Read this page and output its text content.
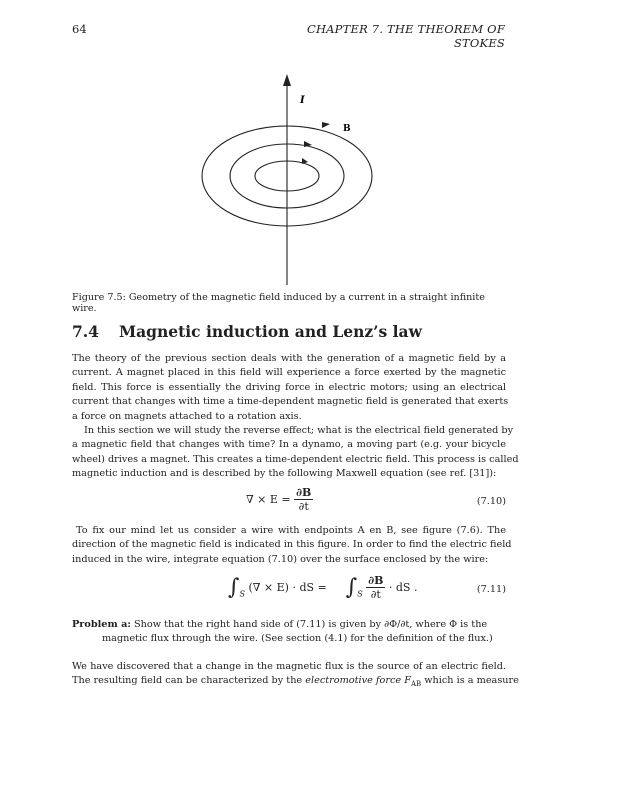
64	CHAPTER 7. THE THEOREM OF STOKES
I
B
Figure 7.5: Geometry of the magnetic field induced by a current in a straight infinite wire.
7.4 Magnetic induction and Lenz’s law
The theory of the previous section deals with the generation of a magnetic field by a
current. A magnet placed in this field will experience a force exerted by the magnetic
field. This force is essentially the driving force in electric motors; using an electrical
current that changes with time a time-dependent magnetic field is generated that exerts
a force on magnets attached to a rotation axis.
In this section we will study the reverse effect; what is the electrical field generated by
a magnetic field that changes with time? In a dynamo, a moving part (e.g. your bicycle
wheel) drives a magnet. This creates a time-dependent electric field. This process is called
magnetic induction and is described by the following Maxwell equation (see ref. [31]):
∇ × $E = \frac{\partial B}{\partial t}$	(7.10)
To fix our mind let us consider a wire with endpoints A en B, see figure (7.6). The
direction of the magnetic field is indicated in this figure. In order to find the electric field
induced in the wire, integrate equation (7.10) over the surface enclosed by the wire:
$\int_S$ (∇ × E) · dS = $\int_S \frac{\partial B}{\partial t}$ · dS .	(7.11)
Problem a: Show that the right hand side of (7.11) is given by ∂Φ/∂t, where Φ is the
magnetic flux through the wire. (See section (4.1) for the definition of the flux.)
We have discovered that a change in the magnetic flux is the source of an electric field.
The resulting field can be characterized by the electromotive force $F_{AB}$ which is a measure
